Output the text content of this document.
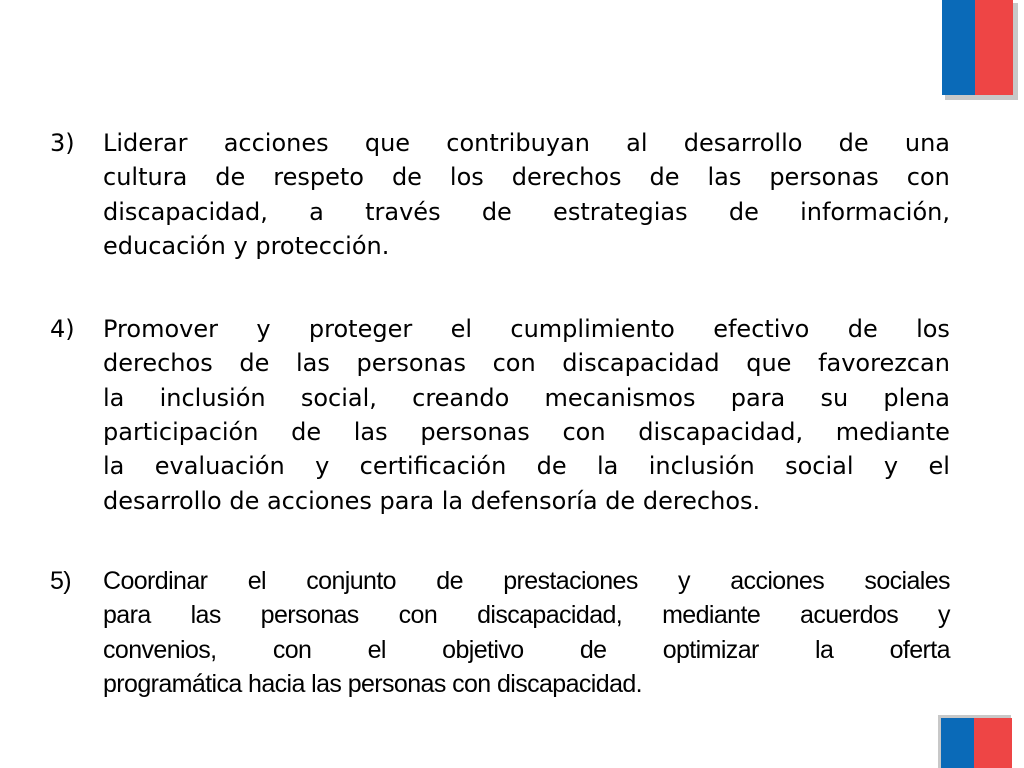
3) Liderar acciones que contribuyan al desarrollo de una
cultura de respeto de los derechos de las personas con
discapacidad, a través de estrategias de información,
educación y protección.
4) Promover y proteger el cumplimiento efectivo de los
derechos de las personas con discapacidad que favorezcan
la inclusión social, creando mecanismos para su plena
participación de las personas con discapacidad, mediante
la evaluación y certificación de la inclusión social y el
desarrollo de acciones para la defensoría de derechos.
5) Coordinar el conjunto de prestaciones y acciones sociales
para las personas con discapacidad, mediante acuerdos y
convenios, con el objetivo de optimizar la oferta
programática hacia las personas con discapacidad.
